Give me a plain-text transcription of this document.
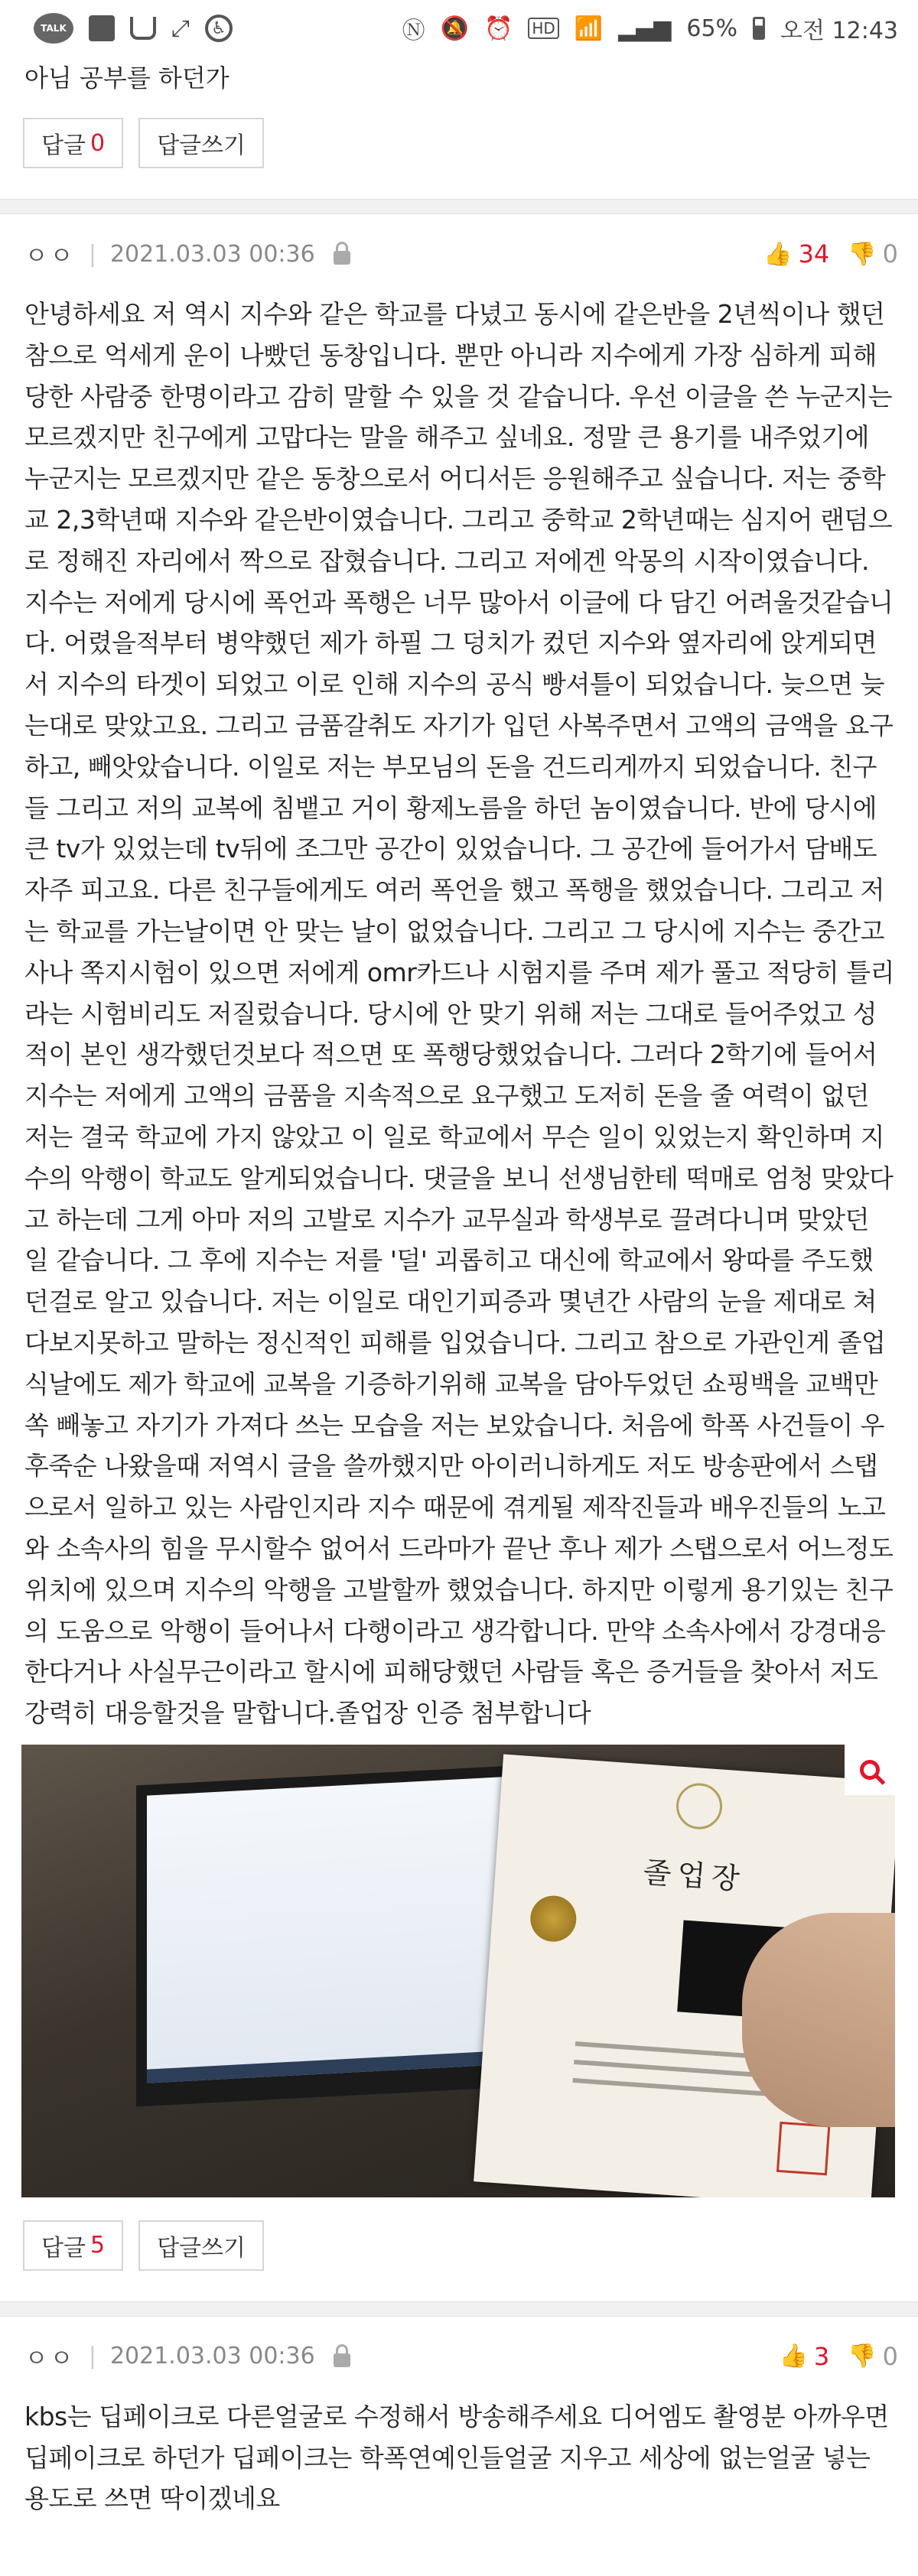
TALK	⤢	♿	Ⓝ 🔕 ⏰ HD 📶 ▂▄▆ 65% 오전 12:43
아님 공부를 하던가
답글 0	답글쓰기
ㅇㅇ | 2021.03.03 00:36	👍 34 👎 0
안녕하세요 저 역시 지수와 같은 학교를 다녔고 동시에 같은반을 2년씩이나 했던 참으로 억세게 운이 나빴던 동창입니다. 뿐만 아니라 지수에게 가장 심하게 피해 당한 사람중 한명이라고 감히 말할 수 있을 것 같습니다. 우선 이글을 쓴 누군지는 모르겠지만 친구에게 고맙다는 말을 해주고 싶네요. 정말 큰 용기를 내주었기에 누군지는 모르겠지만 같은 동창으로서 어디서든 응원해주고 싶습니다. 저는 중학교 2,3학년때 지수와 같은반이였습니다. 그리고 중학교 2학년때는 심지어 랜덤으로 정해진 자리에서 짝으로 잡혔습니다. 그리고 저에겐 악몽의 시작이였습니다. 지수는 저에게 당시에 폭언과 폭행은 너무 많아서 이글에 다 담긴 어려울것같습니다. 어렸을적부터 병약했던 제가 하필 그 덩치가 컸던 지수와 옆자리에 앉게되면서 지수의 타겟이 되었고 이로 인해 지수의 공식 빵셔틀이 되었습니다. 늦으면 늦는대로 맞았고요. 그리고 금품갈취도 자기가 입던 사복주면서 고액의 금액을 요구하고, 빼앗았습니다. 이일로 저는 부모님의 돈을 건드리게까지 되었습니다. 친구들 그리고 저의 교복에 침뱉고 거이 황제노름을 하던 놈이였습니다. 반에 당시에 큰 tv가 있었는데 tv뒤에 조그만 공간이 있었습니다. 그 공간에 들어가서 담배도 자주 피고요. 다른 친구들에게도 여러 폭언을 했고 폭행을 했었습니다. 그리고 저는 학교를 가는날이면 안 맞는 날이 없었습니다. 그리고 그 당시에 지수는 중간고사나 쪽지시험이 있으면 저에게 omr카드나 시험지를 주며 제가 풀고 적당히 틀리라는 시험비리도 저질렀습니다. 당시에 안 맞기 위해 저는 그대로 들어주었고 성적이 본인 생각했던것보다 적으면 또 폭행당했었습니다. 그러다 2학기에 들어서 지수는 저에게 고액의 금품을 지속적으로 요구했고 도저히 돈을 줄 여력이 없던 저는 결국 학교에 가지 않았고 이 일로 학교에서 무슨 일이 있었는지 확인하며 지수의 악행이 학교도 알게되었습니다. 댓글을 보니 선생님한테 떡매로 엄청 맞았다고 하는데 그게 아마 저의 고발로 지수가 교무실과 학생부로 끌려다니며 맞았던 일 같습니다. 그 후에 지수는 저를 '덜' 괴롭히고 대신에 학교에서 왕따를 주도했던걸로 알고 있습니다. 저는 이일로 대인기피증과 몇년간 사람의 눈을 제대로 쳐다보지못하고 말하는 정신적인 피해를 입었습니다. 그리고 참으로 가관인게 졸업식날에도 제가 학교에 교복을 기증하기위해 교복을 담아두었던 쇼핑백을 교백만 쏙 빼놓고 자기가 가져다 쓰는 모습을 저는 보았습니다. 처음에 학폭 사건들이 우후죽순 나왔을때 저역시 글을 쓸까했지만 아이러니하게도 저도 방송판에서 스탭으로서 일하고 있는 사람인지라 지수 때문에 겪게될 제작진들과 배우진들의 노고와 소속사의 힘을 무시할수 없어서 드라마가 끝난 후나 제가 스탭으로서 어느정도 위치에 있으며 지수의 악행을 고발할까 했었습니다. 하지만 이렇게 용기있는 친구의 도움으로 악행이 들어나서 다행이라고 생각합니다. 만약 소속사에서 강경대응한다거나 사실무근이라고 할시에 피해당했던 사람들 혹은 증거들을 찾아서 저도 강력히 대응할것을 말합니다.졸업장 인증 첨부합니다
졸업장
답글 5	답글쓰기
ㅇㅇ | 2021.03.03 00:36	👍 3 👎 0
kbs는 딥페이크로 다른얼굴로 수정해서 방송해주세요 디어엠도 촬영분 아까우면 딥페이크로 하던가 딥페이크는 학폭연예인들얼굴 지우고 세상에 없는얼굴 넣는 용도로 쓰면 딱이겠네요
